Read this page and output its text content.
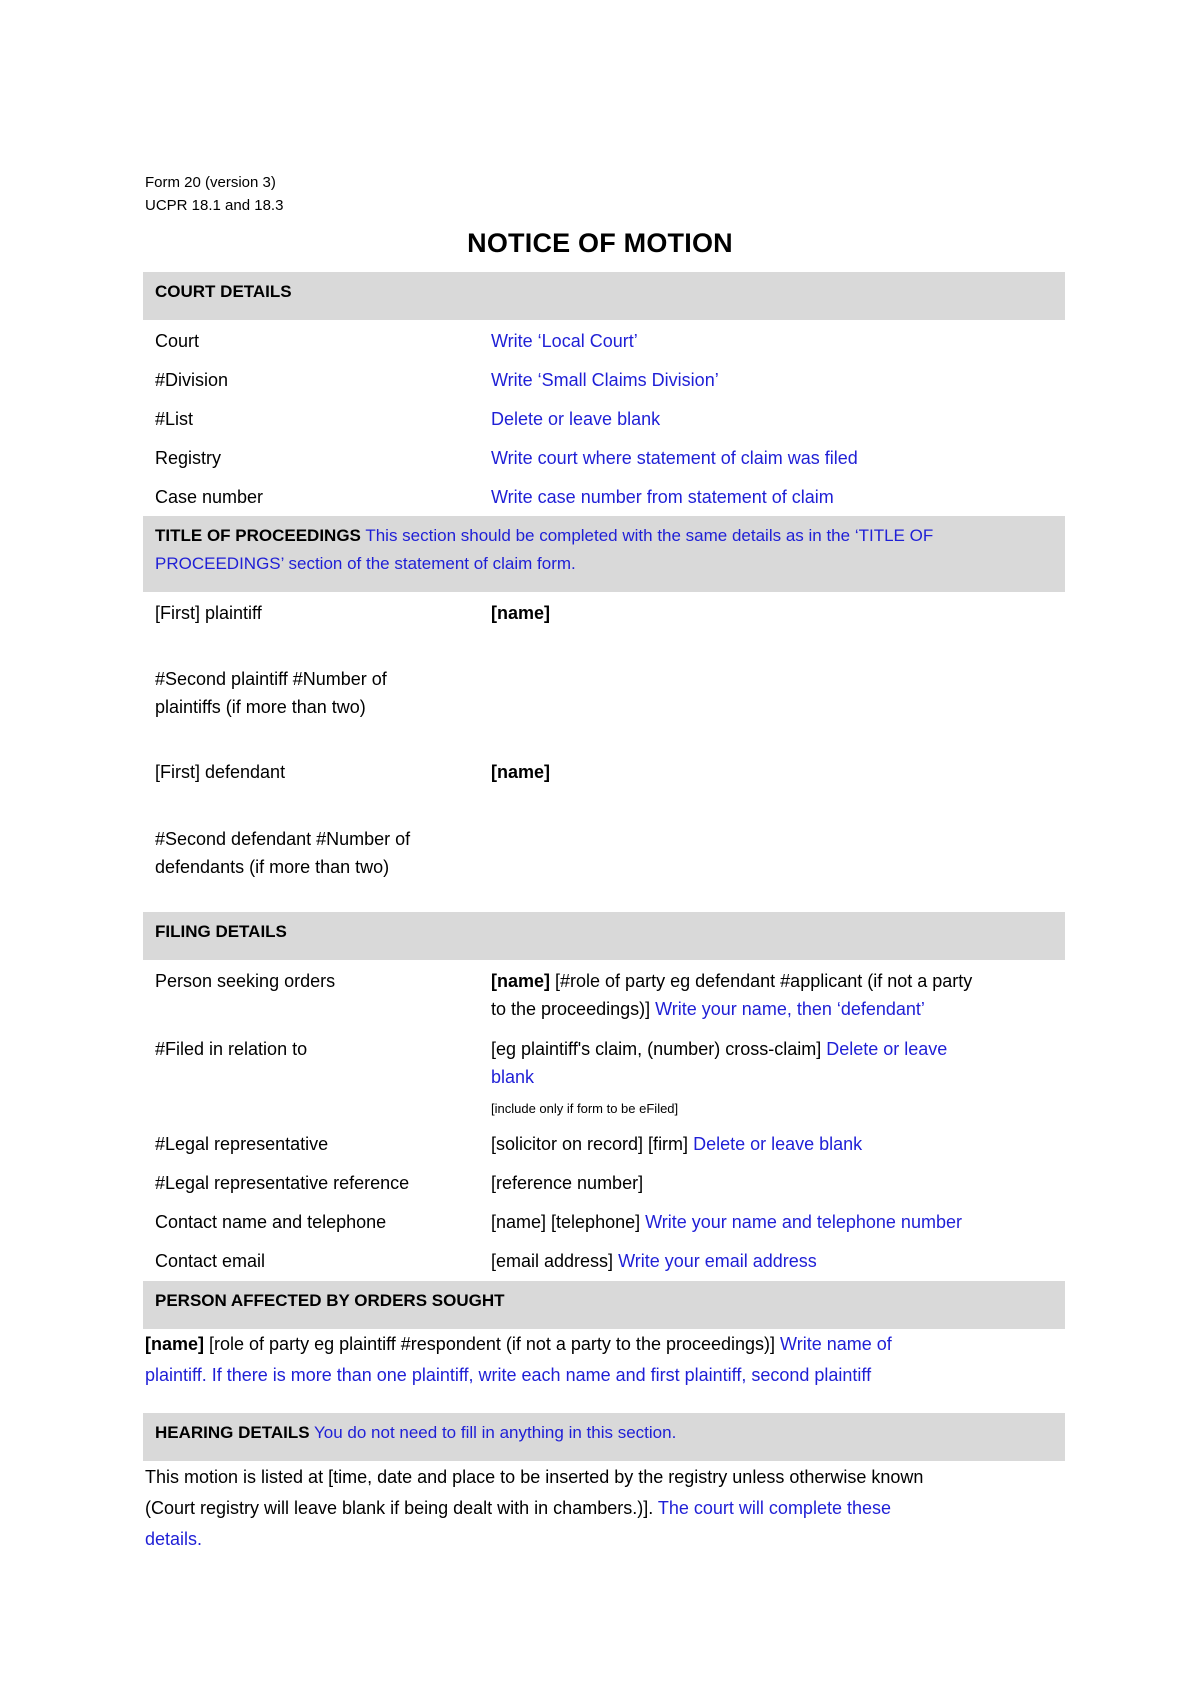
Form 20 (version 3)
UCPR 18.1 and 18.3
NOTICE OF MOTION
COURT DETAILS
Court	Write ‘Local Court’
#Division	Write ‘Small Claims Division’
#List	Delete or leave blank
Registry	Write court where statement of claim was filed
Case number	Write case number from statement of claim
TITLE OF PROCEEDINGS This section should be completed with the same details as in the ‘TITLE OF PROCEEDINGS’ section of the statement of claim form.
[First] plaintiff	[name]
#Second plaintiff #Number of
plaintiffs (if more than two)
[First] defendant	[name]
#Second defendant #Number of
defendants (if more than two)
FILING DETAILS
Person seeking orders	[name] [#role of party eg defendant #applicant (if not a party
to the proceedings)] Write your name, then ‘defendant’
#Filed in relation to	[eg plaintiff's claim, (number) cross-claim] Delete or leave
blank
[include only if form to be eFiled]
#Legal representative	[solicitor on record] [firm] Delete or leave blank
#Legal representative reference	[reference number]
Contact name and telephone	[name] [telephone] Write your name and telephone number
Contact email	[email address] Write your email address
PERSON AFFECTED BY ORDERS SOUGHT
[name] [role of party eg plaintiff #respondent (if not a party to the proceedings)] Write name of
plaintiff. If there is more than one plaintiff, write each name and first plaintiff, second plaintiff
HEARING DETAILS You do not need to fill in anything in this section.
This motion is listed at [time, date and place to be inserted by the registry unless otherwise known
(Court registry will leave blank if being dealt with in chambers.)]. The court will complete these
details.
